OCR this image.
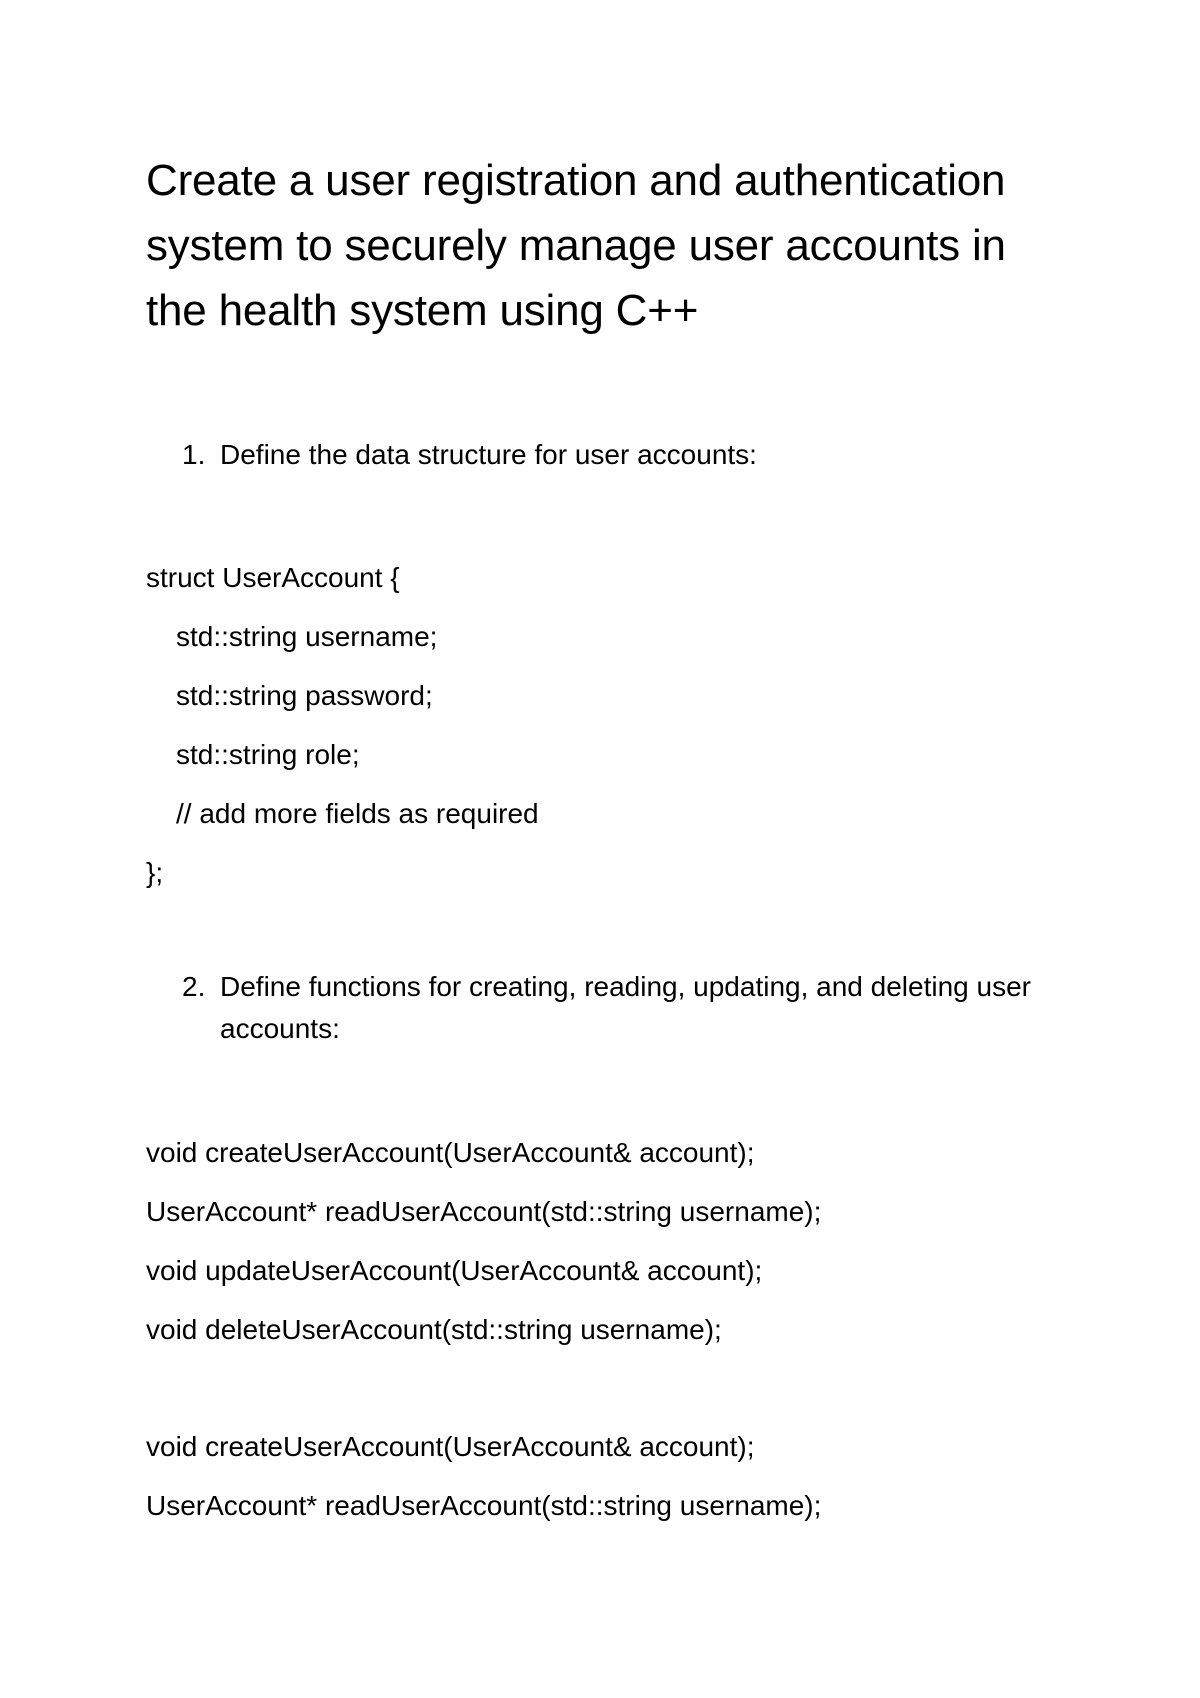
Create a user registration and authentication system to securely manage user accounts in the health system using C++
1. Define the data structure for user accounts:
struct UserAccount {
std::string username;
std::string password;
std::string role;
// add more fields as required
};
2. Define functions for creating, reading, updating, and deleting user accounts:
void createUserAccount(UserAccount& account);
UserAccount* readUserAccount(std::string username);
void updateUserAccount(UserAccount& account);
void deleteUserAccount(std::string username);
void createUserAccount(UserAccount& account);
UserAccount* readUserAccount(std::string username);
